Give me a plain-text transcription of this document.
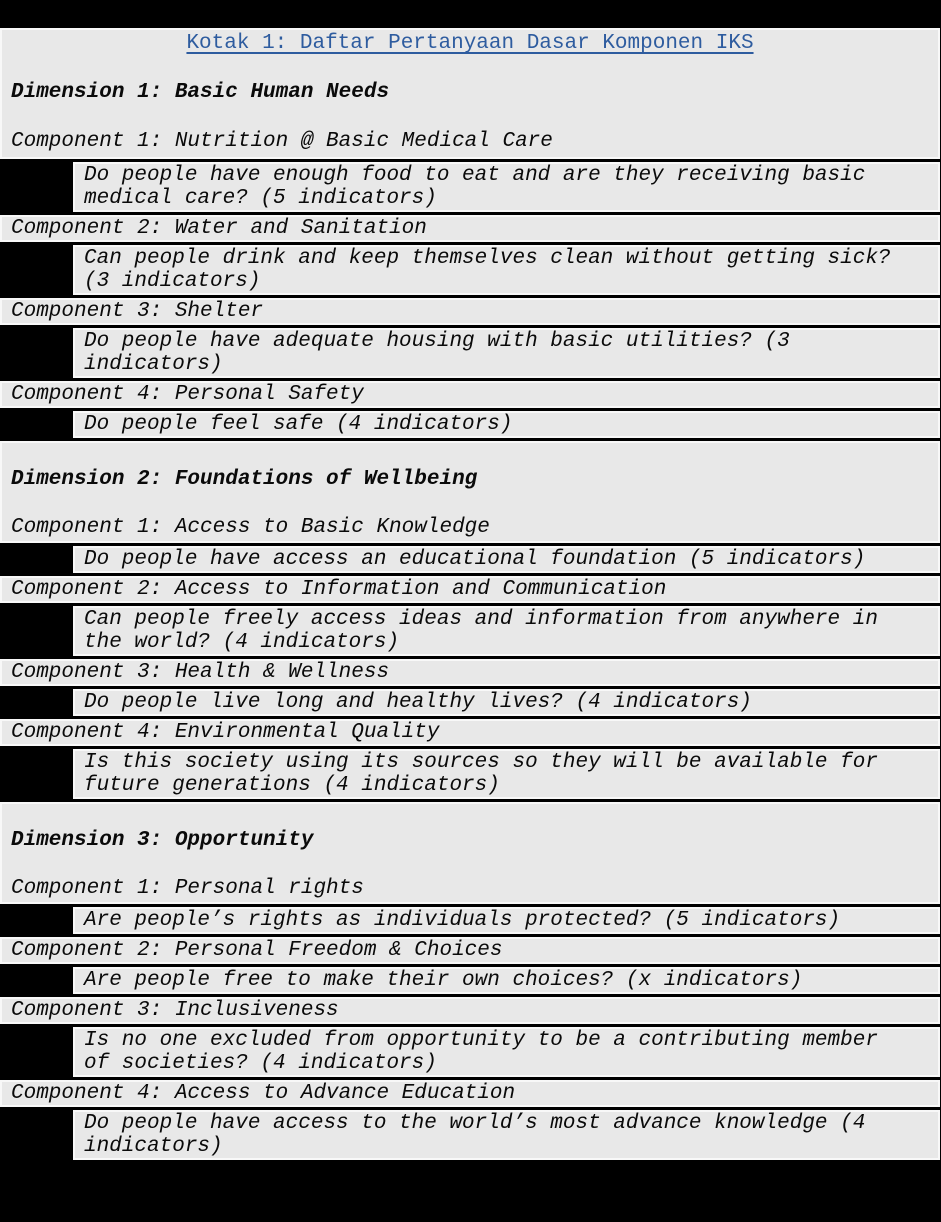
Kotak 1: Daftar Pertanyaan Dasar Komponen IKS
Dimension 1: Basic Human Needs
Component 1: Nutrition @ Basic Medical Care
Do people have enough food to eat and are they receiving basic medical care? (5 indicators)
Component 2: Water and Sanitation
Can people drink and keep themselves clean without getting sick? (3 indicators)
Component 3: Shelter
Do people have adequate housing with basic utilities? (3 indicators)
Component 4: Personal Safety
Do people feel safe (4 indicators)
Dimension 2: Foundations of Wellbeing
Component 1: Access to Basic Knowledge
Do people have access an educational foundation (5 indicators)
Component 2: Access to Information and Communication
Can people freely access ideas and information from anywhere in the world? (4 indicators)
Component 3: Health & Wellness
Do people live long and healthy lives? (4 indicators)
Component 4: Environmental Quality
Is this society using its sources so they will be available for future generations (4 indicators)
Dimension 3: Opportunity
Component 1: Personal rights
Are people’s rights as individuals protected? (5 indicators)
Component 2: Personal Freedom & Choices
Are people free to make their own choices? (x indicators)
Component 3: Inclusiveness
Is no one excluded from opportunity to be a contributing member of societies? (4 indicators)
Component 4: Access to Advance Education
Do people have access to the world’s most advance knowledge (4 indicators)
